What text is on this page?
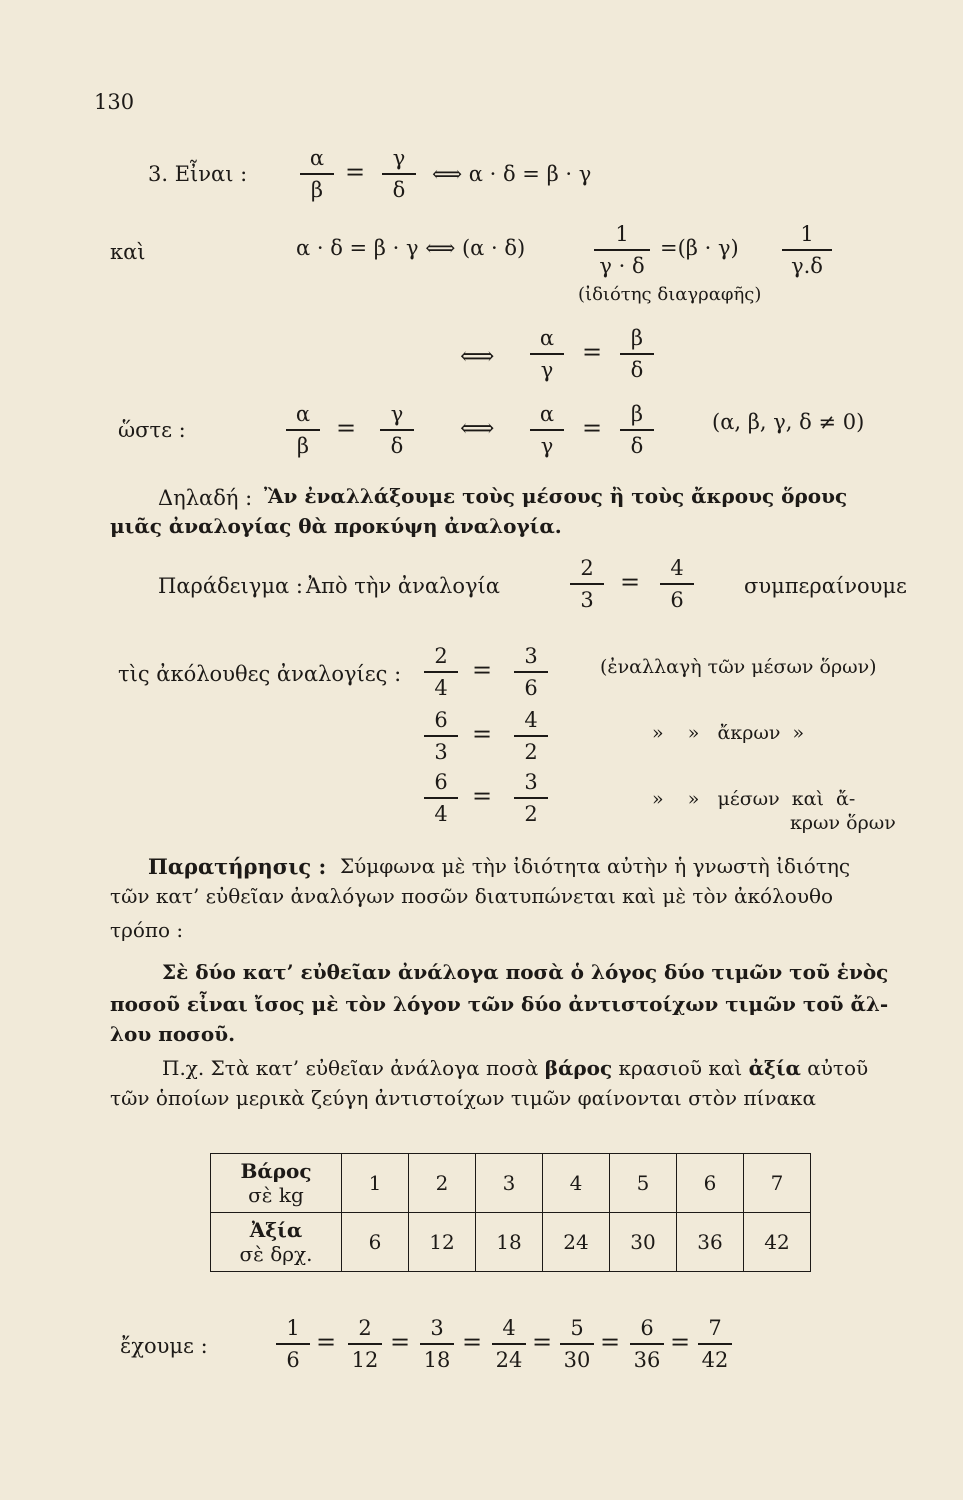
130
3. Εἶναι :
α
β
=	γ
δ
⟺ α · δ = β · γ
καὶ	α · δ = β · γ ⟺ (α · δ)
1
γ · δ
=(β · γ)
1
γ.δ
(ἰδιότης διαγραφῆς)
⟺
α
γ
=	β
δ
ὥστε :
α
β
=	γ
δ
⟺	α
γ
=	β
δ
(α, β, γ, δ ≠ 0)
Δηλαδή : Ἂν ἐναλλάξουμε τοὺς μέσους ἢ τοὺς ἄκρους ὅρους
μιᾶς ἀναλογίας θὰ προκύψη ἀναλογία.
Παράδειγμα : Ἀπὸ τὴν ἀναλογία
2
3
=	4
6
συμπεραίνουμε
τὶς ἀκόλουθες ἀναλογίες :
2
4
=	3
6
(ἐναλλαγὴ τῶν μέσων ὅρων)
6
3
=	4
2
»    »   ἄκρων  »
6
4
=	3
2
»    »   μέσων  καὶ  ἄ-
κρων ὅρων
Παρατήρησις : Σύμφωνα μὲ τὴν ἰδιότητα αὐτὴν ἡ γνωστὴ ἰδιότης
τῶν κατ’ εὐθεῖαν ἀναλόγων ποσῶν διατυπώνεται καὶ μὲ τὸν ἀκόλουθο
τρόπο :
Σὲ δύο κατ’ εὐθεῖαν ἀνάλογα ποσὰ ὁ λόγος δύο τιμῶν τοῦ ἑνὸς
ποσοῦ εἶναι ἴσος μὲ τὸν λόγον τῶν δύο ἀντιστοίχων τιμῶν τοῦ ἄλ-
λου ποσοῦ.
Π.χ. Στὰ κατ’ εὐθεῖαν ἀνάλογα ποσὰ βάρος κρασιοῦ καὶ ἀξία αὐτοῦ
τῶν ὁποίων μερικὰ ζεύγη ἀντιστοίχων τιμῶν φαίνονται στὸν πίνακα
Βάρος
σὲ kg	1	2	3	4	5	6	7
Ἀξία
σὲ δρχ.	6	12	18	24	30	36	42
ἔχουμε :
1
6
=	2
12
= 3
18
= 4
24
= 5
30
= 6
36
= 7
42
